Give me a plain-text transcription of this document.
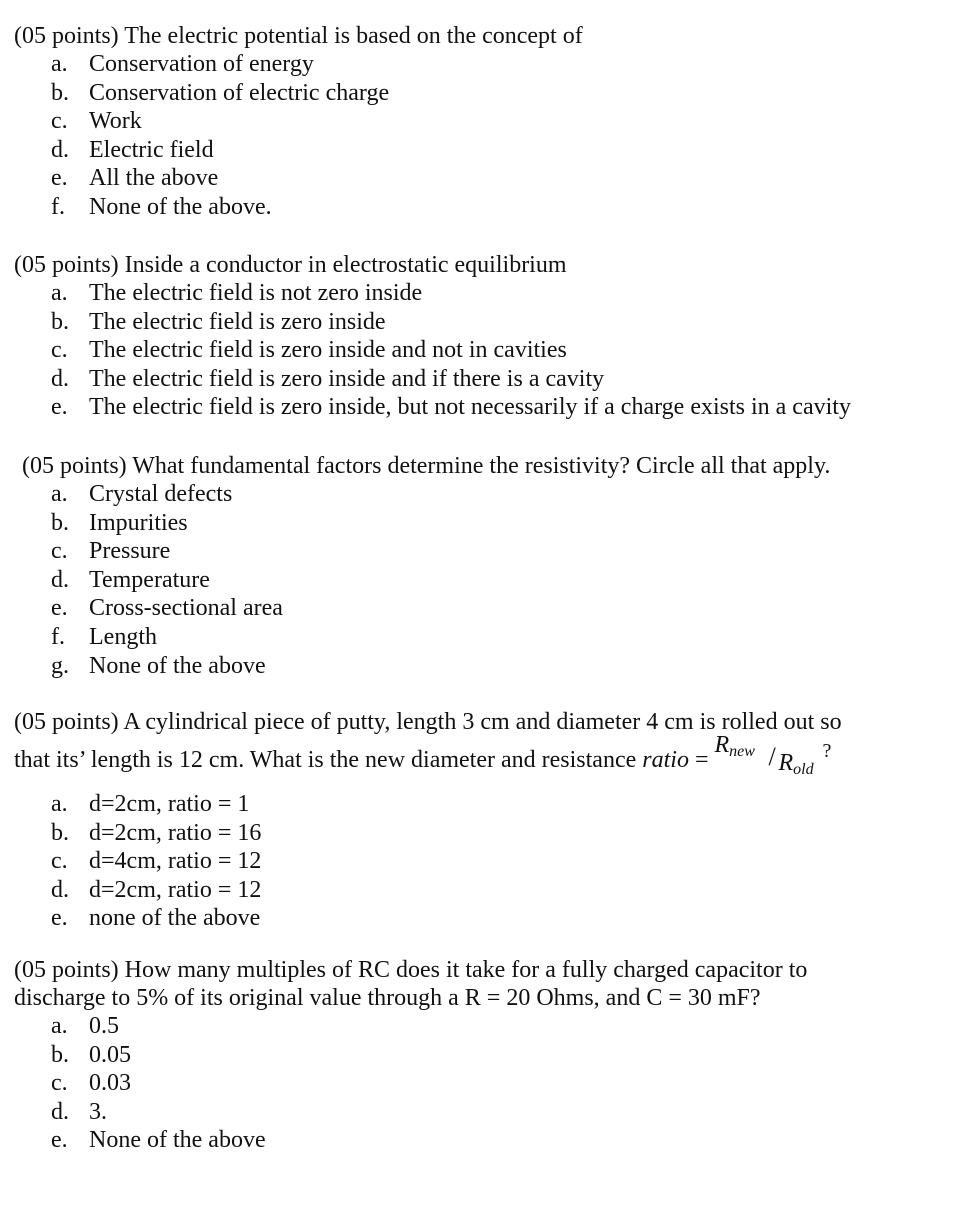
(05 points) The electric potential is based on the concept of
a. Conservation of energy
b. Conservation of electric charge
c. Work
d. Electric field
e. All the above
f. None of the above.
(05 points) Inside a conductor in electrostatic equilibrium
a. The electric field is not zero inside
b. The electric field is zero inside
c. The electric field is zero inside and not in cavities
d. The electric field is zero inside and if there is a cavity
e. The electric field is zero inside, but not necessarily if a charge exists in a cavity
(05 points) What fundamental factors determine the resistivity? Circle all that apply.
a. Crystal defects
b. Impurities
c. Pressure
d. Temperature
e. Cross-sectional area
f. Length
g. None of the above
(05 points) A cylindrical piece of putty, length 3 cm and diameter 4 cm is rolled out so
that its’ length is 12 cm. What is the new diameter and resistance ratio =
$R_{new} / R_{old}$
?
a. d=2cm, ratio = 1
b. d=2cm, ratio = 16
c. d=4cm, ratio = 12
d. d=2cm, ratio = 12
e. none of the above
(05 points) How many multiples of RC does it take for a fully charged capacitor to
discharge to 5% of its original value through a R = 20 Ohms, and C = 30 mF?
a. 0.5
b. 0.05
c. 0.03
d. 3.
e. None of the above
